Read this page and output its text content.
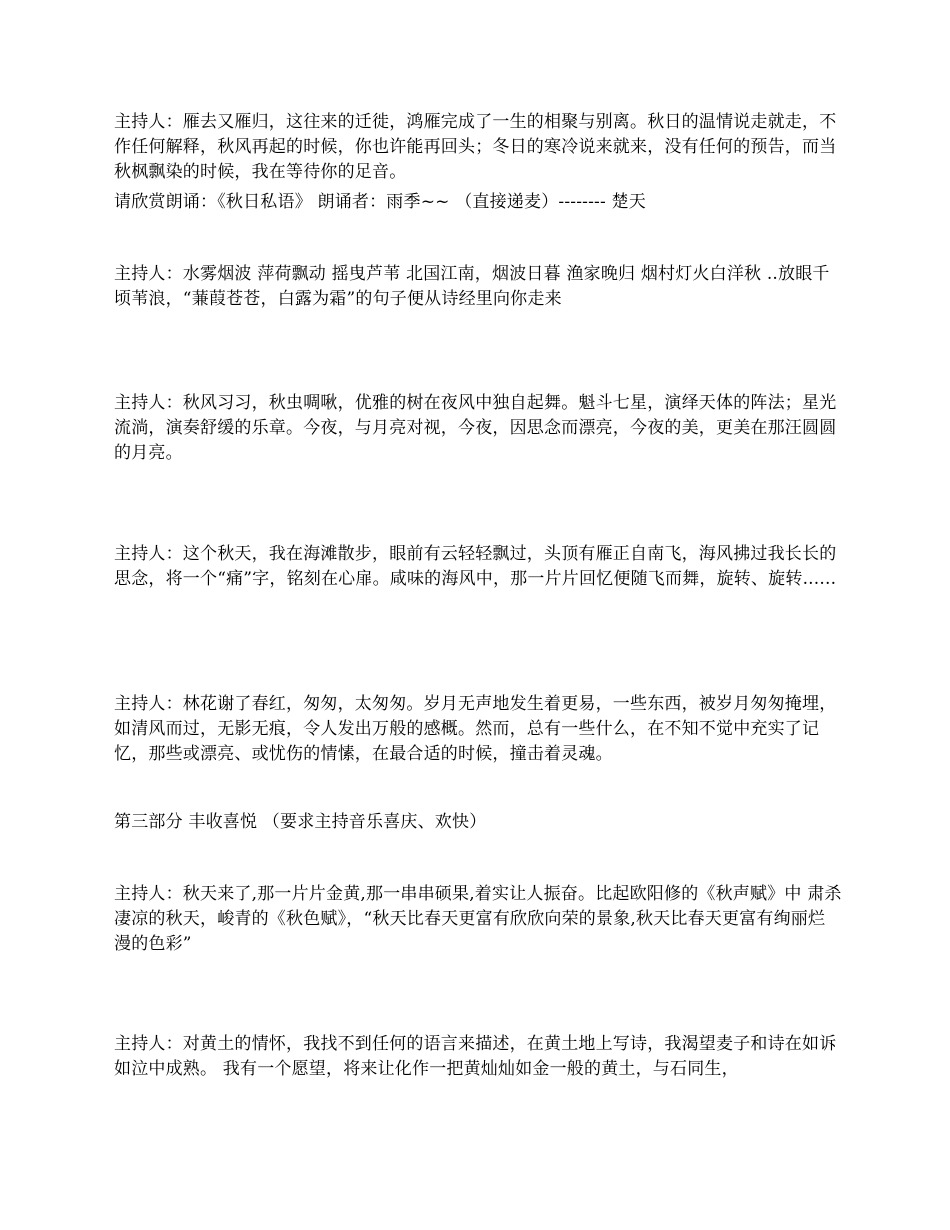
主持人：雁去又雁归，这往来的迁徙，鸿雁完成了一生的相聚与别离。秋日的温情说走就走，不作任何解释，秋风再起的时候，你也许能再回头；冬日的寒冷说来就来，没有任何的预告，而当秋枫飘染的时候，我在等待你的足音。

请欣赏朗诵：《秋日私语》 朗诵者：雨季~~ （直接递麦）-------- 楚天

主持人：水雾烟波 萍荷飘动 摇曳芦苇 北国江南，烟波日暮 渔家晚归 烟村灯火白洋秋 ..放眼千顷苇浪，“蒹葭苍苍，白露为霜”的句子便从诗经里向你走来

主持人：秋风习习，秋虫啁啾，优雅的树在夜风中独自起舞。魁斗七星，演绎天体的阵法；星光流淌，演奏舒缓的乐章。今夜，与月亮对视，今夜，因思念而漂亮，今夜的美，更美在那汪圆圆的月亮。

主持人：这个秋天，我在海滩散步，眼前有云轻轻飘过，头顶有雁正自南飞，海风拂过我长长的思念，将一个“痛”字，铭刻在心扉。咸味的海风中，那一片片回忆便随飞而舞，旋转、旋转......

主持人：林花谢了春红，匆匆，太匆匆。岁月无声地发生着更易，一些东西，被岁月匆匆掩埋，如清风而过，无影无痕，令人发出万般的感概。然而，总有一些什么，在不知不觉中充实了记忆，那些或漂亮、或忧伤的情愫，在最合适的时候，撞击着灵魂。

第三部分 丰收喜悦 （要求主持音乐喜庆、欢快）

主持人：秋天来了,那一片片金黄,那一串串硕果,着实让人振奋。比起欧阳修的《秋声赋》中 肃杀凄凉的秋天，峻青的《秋色赋》，“秋天比春天更富有欣欣向荣的景象,秋天比春天更富有绚丽烂漫的色彩”

主持人：对黄土的情怀，我找不到任何的语言来描述，在黄土地上写诗，我渴望麦子和诗在如诉如泣中成熟。 我有一个愿望，将来让化作一把黄灿灿如金一般的黄土，与石同生，
